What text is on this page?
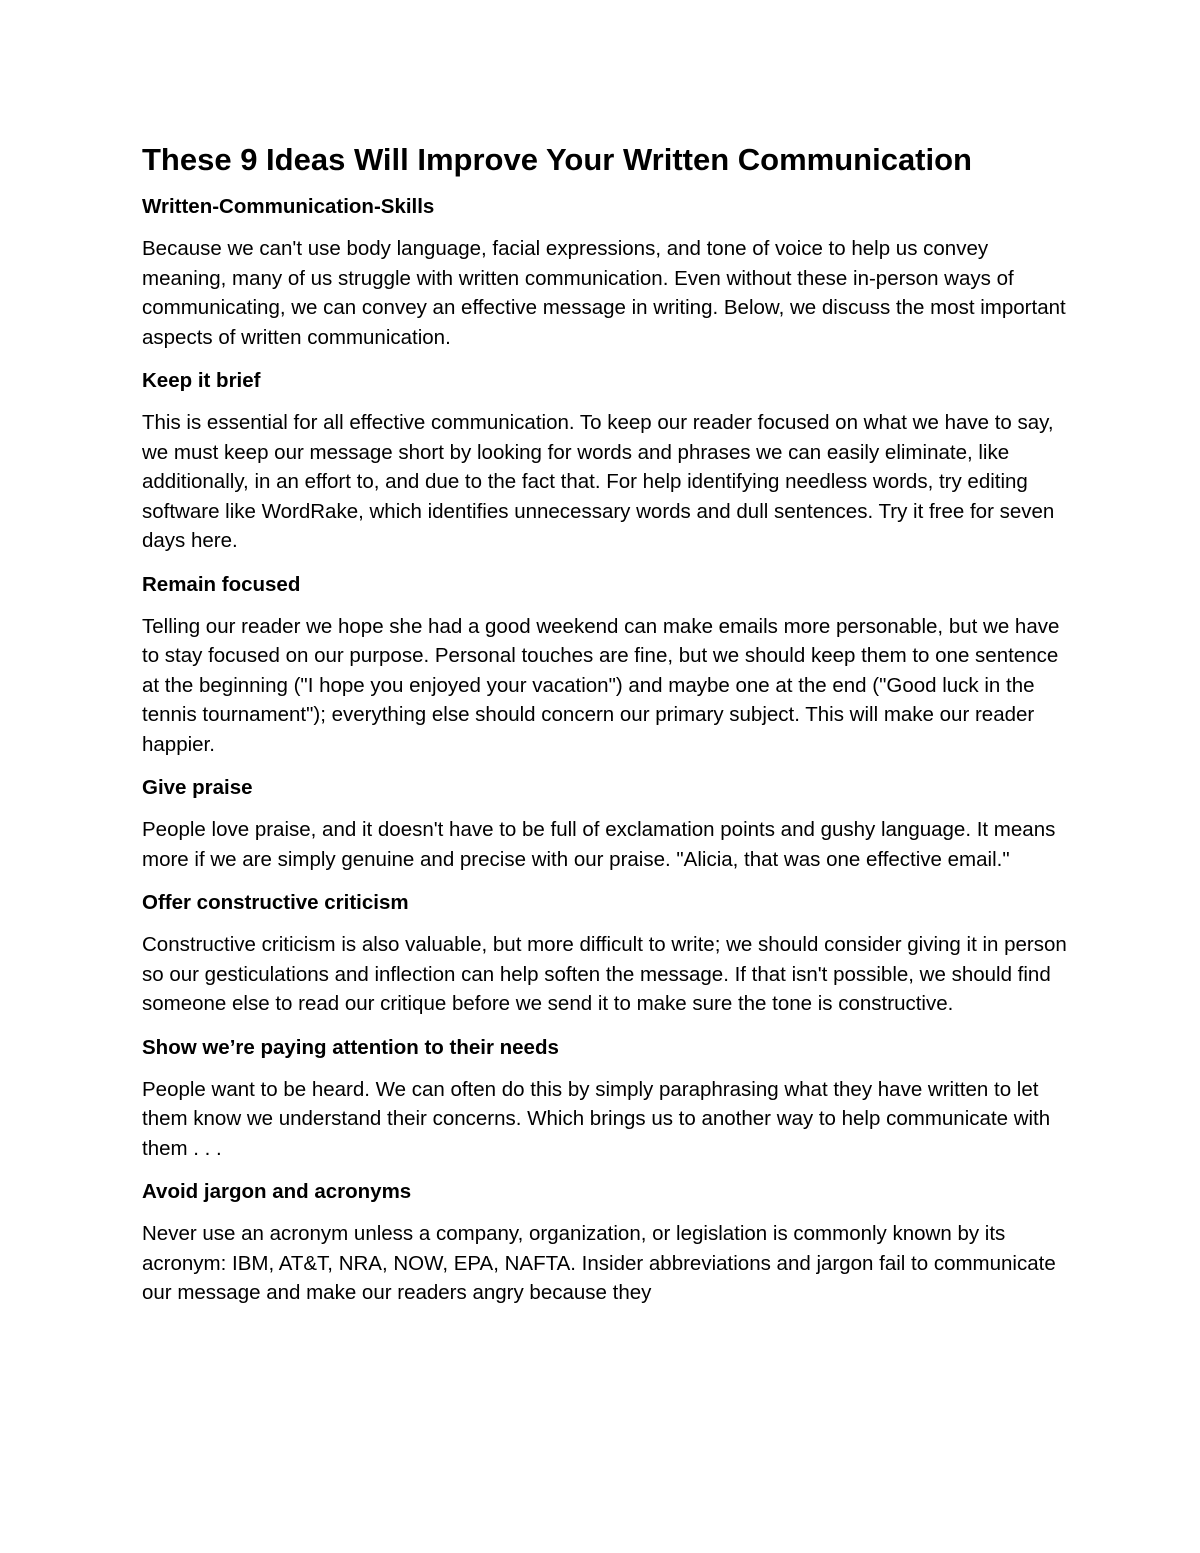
These 9 Ideas Will Improve Your Written Communication
Written-Communication-Skills

Because we can't use body language, facial expressions, and tone of voice to help us convey meaning, many of us struggle with written communication. Even without these in-person ways of communicating, we can convey an effective message in writing. Below, we discuss the most important aspects of written communication.

Keep it brief

This is essential for all effective communication. To keep our reader focused on what we have to say, we must keep our message short by looking for words and phrases we can easily eliminate, like additionally, in an effort to, and due to the fact that. For help identifying needless words, try editing software like WordRake, which identifies unnecessary words and dull sentences. Try it free for seven days here.

Remain focused

Telling our reader we hope she had a good weekend can make emails more personable, but we have to stay focused on our purpose. Personal touches are fine, but we should keep them to one sentence at the beginning ("I hope you enjoyed your vacation") and maybe one at the end ("Good luck in the tennis tournament"); everything else should concern our primary subject. This will make our reader happier.

Give praise

People love praise, and it doesn't have to be full of exclamation points and gushy language. It means more if we are simply genuine and precise with our praise. "Alicia, that was one effective email."

Offer constructive criticism

Constructive criticism is also valuable, but more difficult to write; we should consider giving it in person so our gesticulations and inflection can help soften the message. If that isn't possible, we should find someone else to read our critique before we send it to make sure the tone is constructive.

Show we’re paying attention to their needs

People want to be heard. We can often do this by simply paraphrasing what they have written to let them know we understand their concerns. Which brings us to another way to help communicate with them . . .

Avoid jargon and acronyms

Never use an acronym unless a company, organization, or legislation is commonly known by its acronym: IBM, AT&T, NRA, NOW, EPA, NAFTA. Insider abbreviations and jargon fail to communicate our message and make our readers angry because they
